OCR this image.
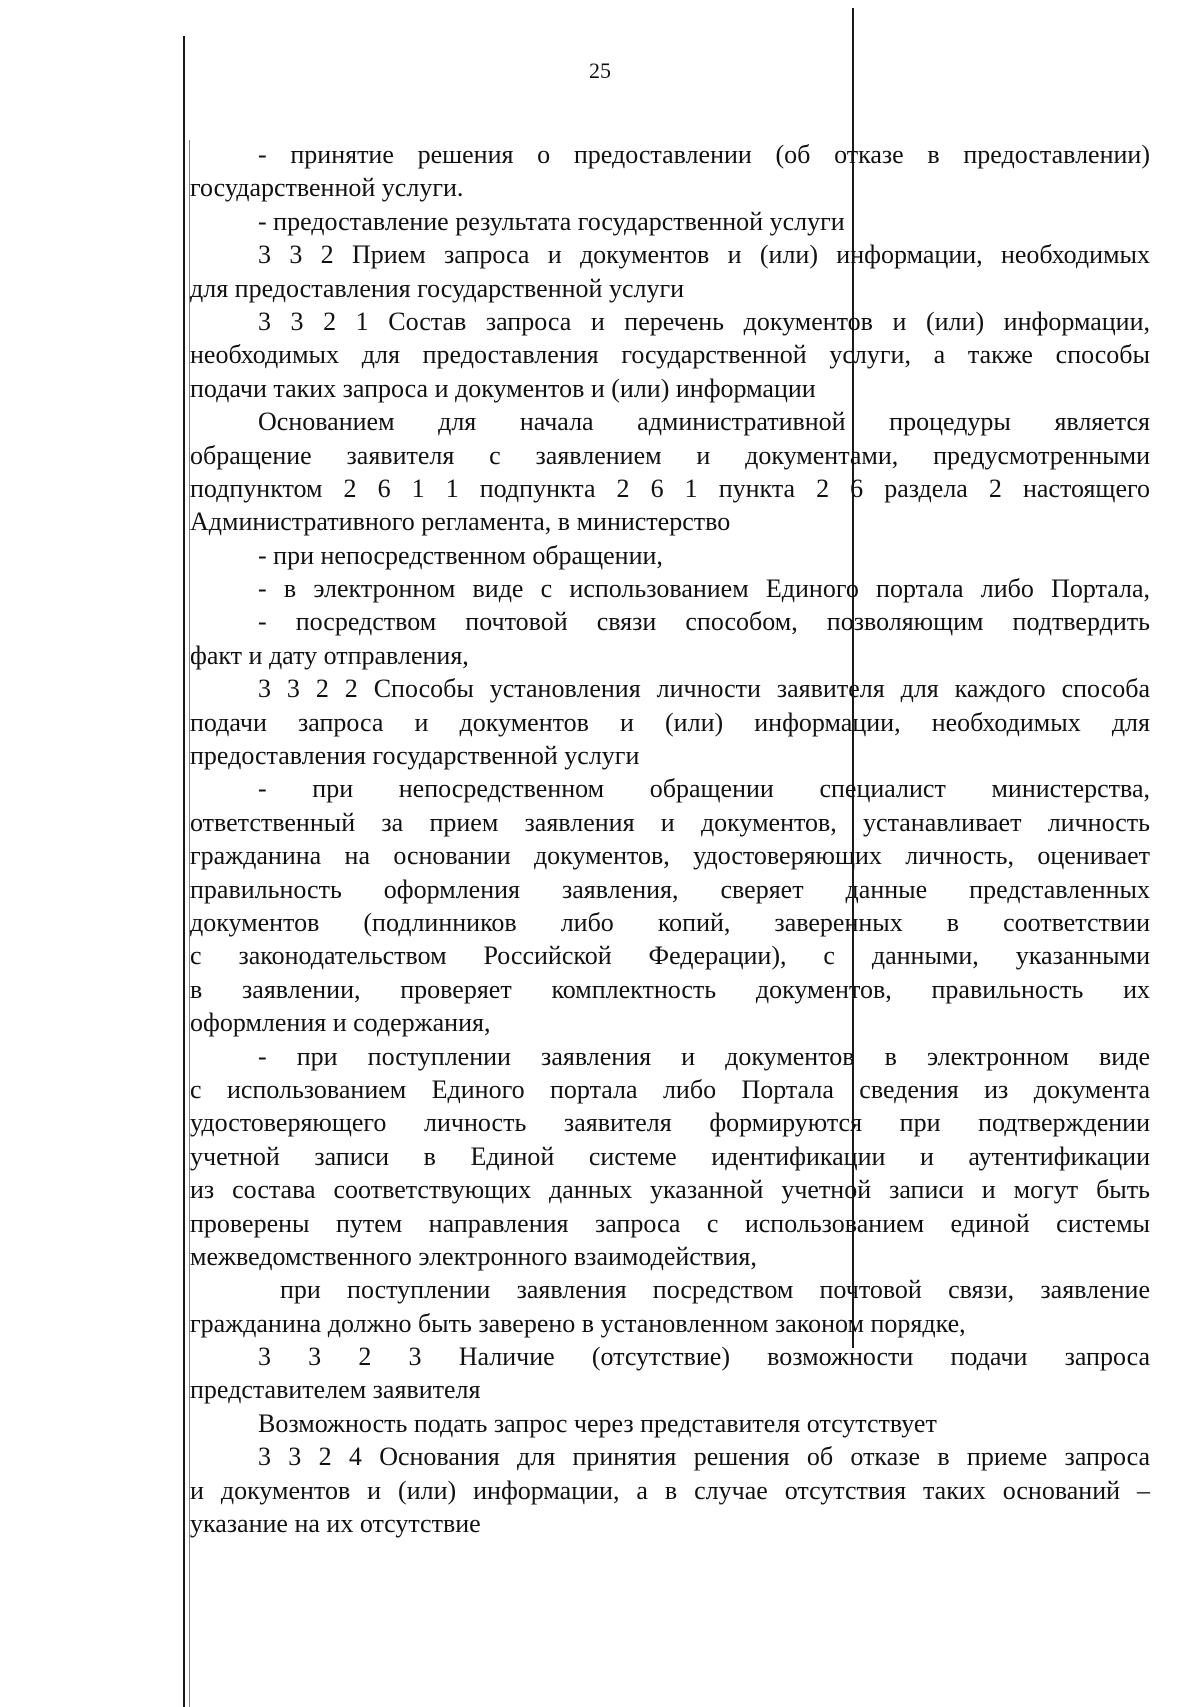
25
- принятие решения о предоставлении (об отказе в предоставлении)
государственной услуги.
- предоставление результата государственной услуги
3 3 2 Прием запроса и документов и (или) информации, необходимых
для предоставления государственной услуги
3 3 2 1 Состав запроса и перечень документов и (или) информации,
необходимых для предоставления государственной услуги, а также способы
подачи таких запроса и документов и (или) информации
Основанием для начала административной процедуры является
обращение заявителя с заявлением и документами, предусмотренными
подпунктом 2 6 1 1 подпункта 2 6 1 пункта 2 6 раздела 2 настоящего
Административного регламента, в министерство
- при непосредственном обращении,
- в электронном виде с использованием Единого портала либо Портала,
- посредством почтовой связи способом, позволяющим подтвердить
факт и дату отправления,
3 3 2 2 Способы установления личности заявителя для каждого способа
подачи запроса и документов и (или) информации, необходимых для
предоставления государственной услуги
- при непосредственном обращении специалист министерства,
ответственный за прием заявления и документов, устанавливает личность
гражданина на основании документов, удостоверяющих личность, оценивает
правильность оформления заявления, сверяет данные представленных
документов (подлинников либо копий, заверенных в соответствии
с законодательством Российской Федерации), с данными, указанными
в заявлении, проверяет комплектность документов, правильность их
оформления и содержания,
- при поступлении заявления и документов в электронном виде
с использованием Единого портала либо Портала сведения из документа
удостоверяющего личность заявителя формируются при подтверждении
учетной записи в Единой системе идентификации и аутентификации
из состава соответствующих данных указанной учетной записи и могут быть
проверены путем направления запроса с использованием единой системы
межведомственного электронного взаимодействия,
при поступлении заявления посредством почтовой связи, заявление
гражданина должно быть заверено в установленном законом порядке,
3 3 2 3 Наличие (отсутствие) возможности подачи запроса
представителем заявителя
Возможность подать запрос через представителя отсутствует
3 3 2 4 Основания для принятия решения об отказе в приеме запроса
и документов и (или) информации, а в случае отсутствия таких оснований –
указание на их отсутствие
